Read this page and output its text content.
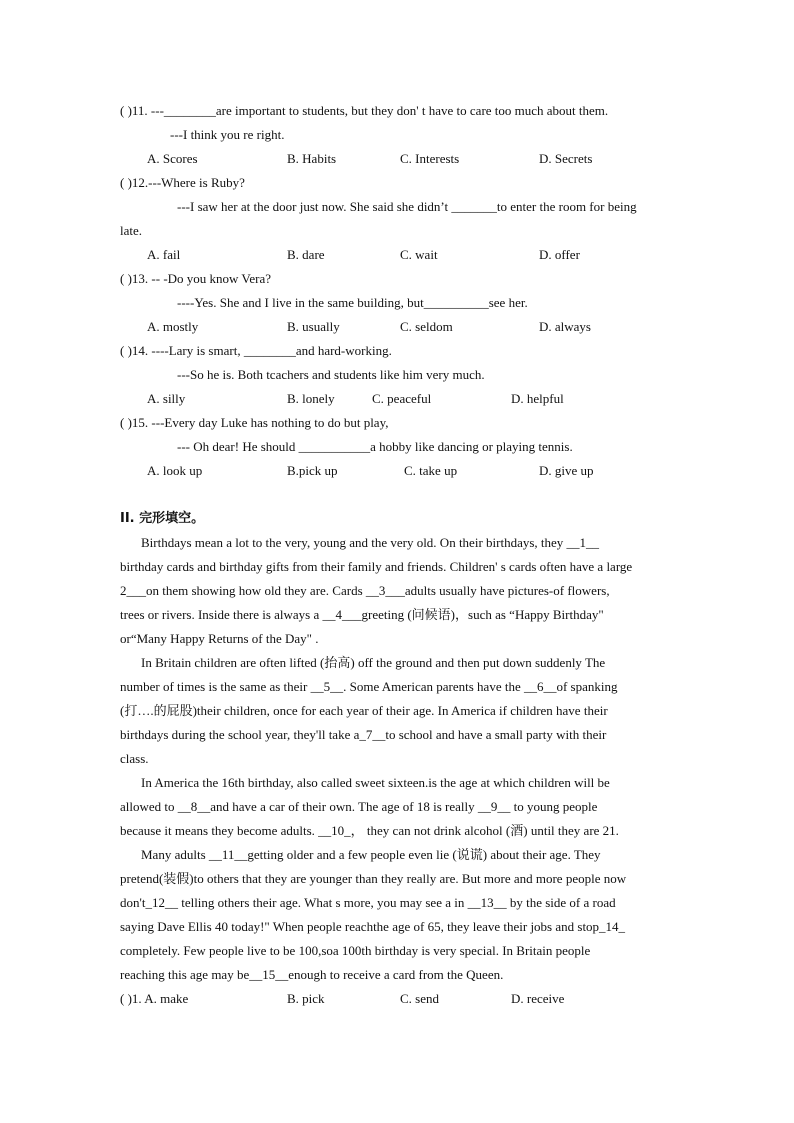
( )11. ---________are important to students, but they don' t have to care too much about them.
---I think you re right.
A. Scores	B. Habits	C. Interests	D. Secrets
( )12.---Where is Ruby?
---I saw her at the door just now. She said she didn’t _______to enter the room for being
late.
A. fail	B. dare	C. wait	D. offer
( )13. -- -Do you know Vera?
----Yes. She and I live in the same building, but__________see her.
A. mostly	B. usually	C. seldom	D. always
( )14. ----Lary is smart, ________and hard-working.
---So he is. Both tcachers and students like him very much.
A. silly	B. lonely	C. peaceful	D. helpful
( )15. ---Every day Luke has nothing to do but play,
--- Oh dear! He should ___________a hobby like dancing or playing tennis.
A. look up	B.pick up	C. take up	D. give up
II. 完形填空。
Birthdays mean a lot to the very, young and the very old. On their birthdays, they __1__
birthday cards and birthday gifts from their family and friends. Children' s cards often have a large
2___on them showing how old they are. Cards __3___adults usually have pictures-of flowers,
trees or rivers. Inside there is always a __4___greeting (问候语)，such as “Happy Birthday"
or“Many Happy Returns of the Day" .
In Britain children are often lifted (抬高) off the ground and then put down suddenly The
number of times is the same as their __5__. Some American parents have the __6__of spanking
(打….的屁股)their children, once for each year of their age. In America if children have their
birthdays during the school year, they'll take a_7__to school and have a small party with their
class.
In America the 16th birthday, also called sweet sixteen.is the age at which children will be
allowed to __8__and have a car of their own. The age of 18 is really __9__ to young people
because it means they become adults. __10_， they can not drink alcohol (酒) until they are 21.
Many adults __11__getting older and a few people even lie (说谎) about their age. They
pretend(装假)to others that they are younger than they really are. But more and more people now
don't_12__ telling others their age. What s more, you may see a in __13__ by the side of a road
saying Dave Ellis 40 today!" When people reachthe age of 65, they leave their jobs and stop_14_
completely. Few people live to be 100,soa 100th birthday is very special. In Britain people
reaching this age may be__15__enough to receive a card from the Queen.
( )1. A. make	B. pick	C. send	D. receive
